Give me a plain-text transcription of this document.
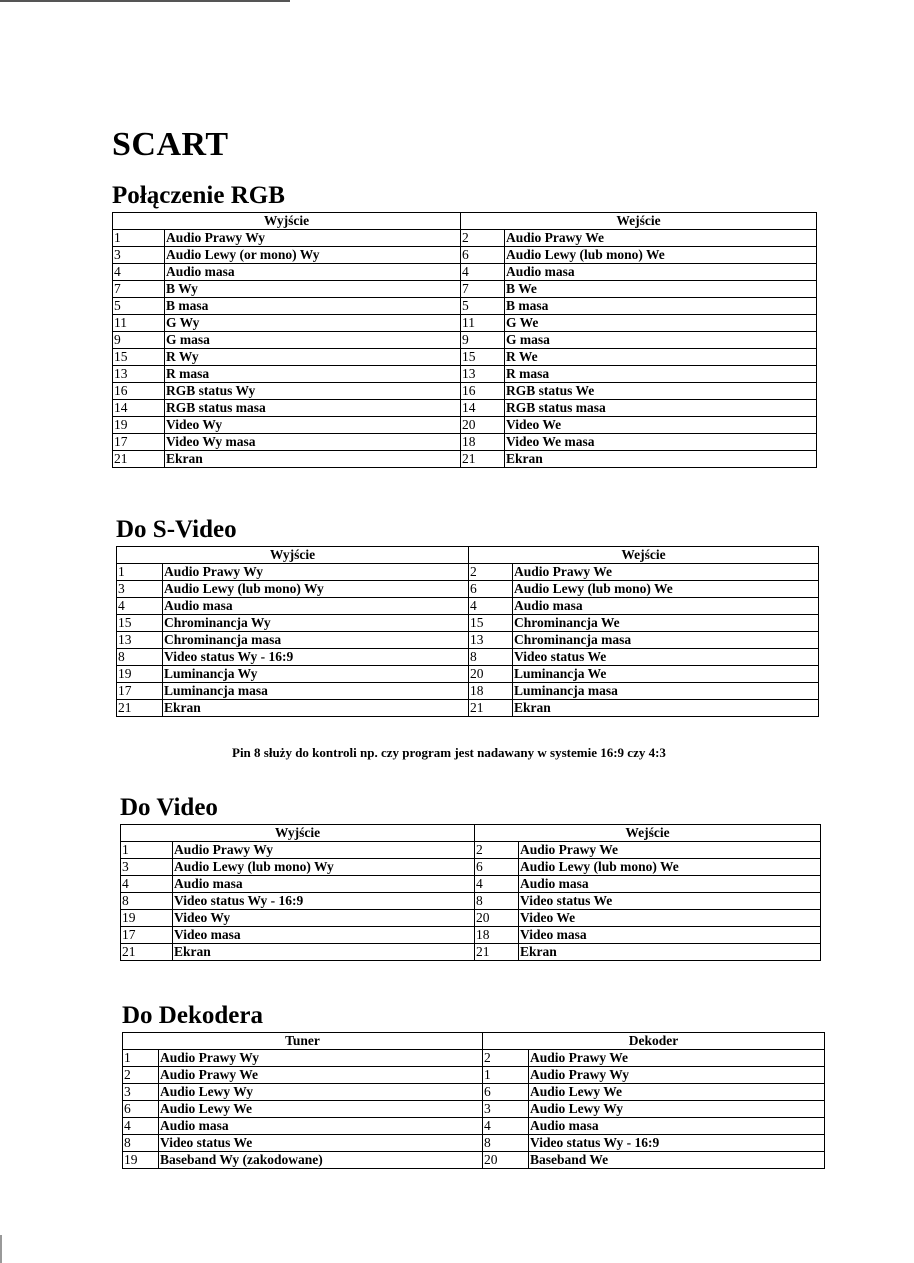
SCART
Połączenie RGB
Wyjście		Wejście	
1	Audio Prawy Wy	2	Audio Prawy We
3	Audio Lewy (or mono) Wy	6	Audio Lewy (lub mono) We
4	Audio masa	4	Audio masa
7	B Wy	7	B We
5	B masa	5	B masa
11	G Wy	11	G We
9	G masa	9	G masa
15	R Wy	15	R We
13	R masa	13	R masa
16	RGB status Wy	16	RGB status We
14	RGB status masa	14	RGB status masa
19	Video Wy	20	Video We
17	Video Wy masa	18	Video We masa
21	Ekran	21	Ekran
Do S-Video
Wyjście		Wejście	
1	Audio Prawy Wy	2	Audio Prawy We
3	Audio Lewy (lub mono) Wy	6	Audio Lewy (lub mono) We
4	Audio masa	4	Audio masa
15	Chrominancja Wy	15	Chrominancja We
13	Chrominancja masa	13	Chrominancja masa
8	Video status Wy - 16:9	8	Video status We
19	Luminancja Wy	20	Luminancja We
17	Luminancja masa	18	Luminancja masa
21	Ekran	21	Ekran
Pin 8 służy do kontroli np. czy program jest nadawany w systemie 16:9 czy 4:3
Do Video
Wyjście		Wejście	
1	Audio Prawy Wy	2	Audio Prawy We
3	Audio Lewy (lub mono) Wy	6	Audio Lewy (lub mono) We
4	Audio masa	4	Audio masa
8	Video status Wy - 16:9	8	Video status We
19	Video Wy	20	Video We
17	Video masa	18	Video masa
21	Ekran	21	Ekran
Do Dekodera
Tuner		Dekoder	
1	Audio Prawy Wy	2	Audio Prawy We
2	Audio Prawy We	1	Audio Prawy Wy
3	Audio Lewy Wy	6	Audio Lewy We
6	Audio Lewy We	3	Audio Lewy Wy
4	Audio masa	4	Audio masa
8	Video status We	8	Video status Wy - 16:9
19	Baseband Wy (zakodowane)	20	Baseband We
